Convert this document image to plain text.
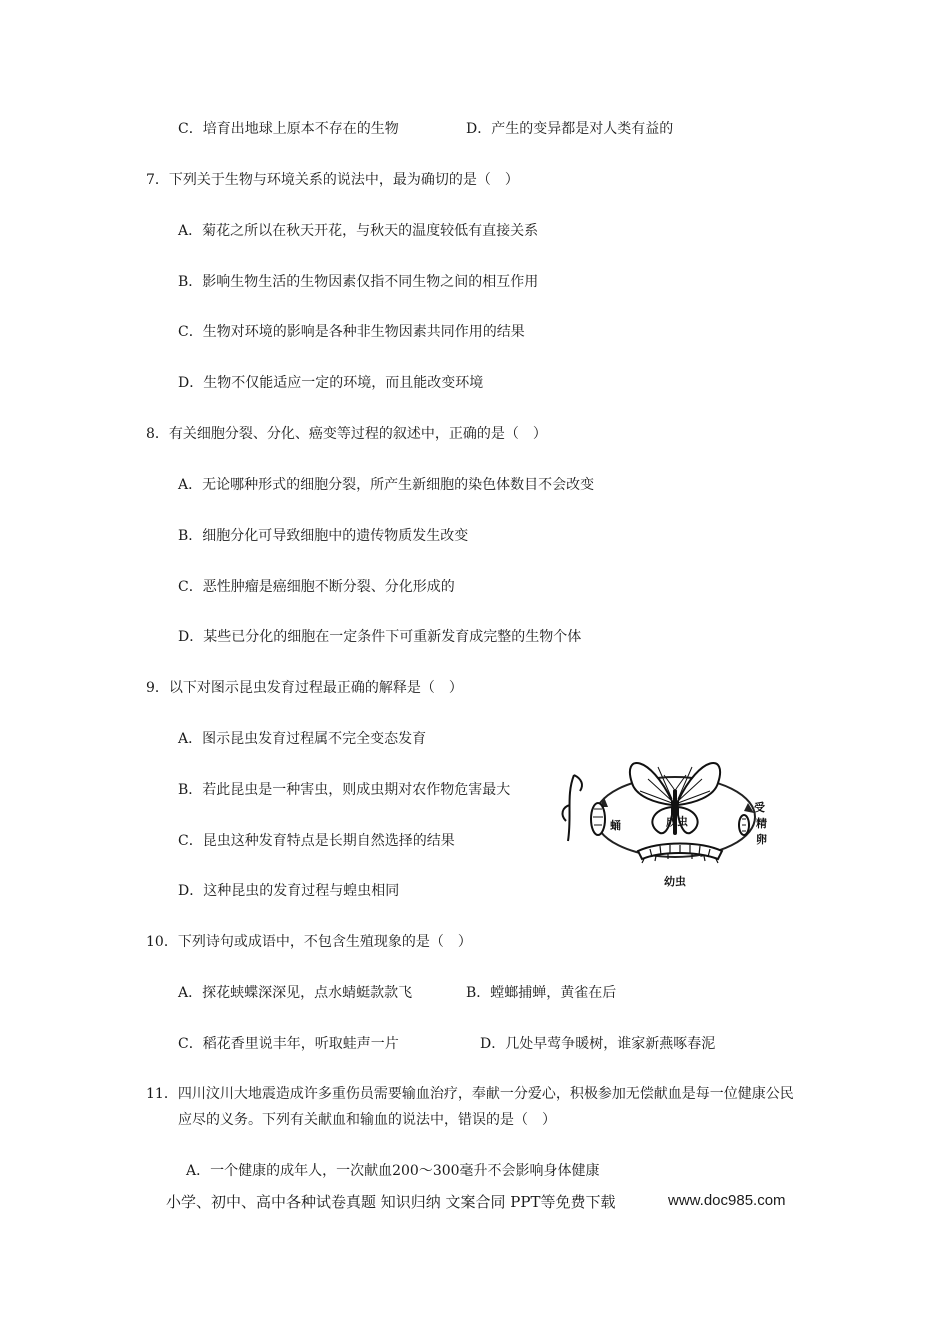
C．培育出地球上原本不存在的生物	D．产生的变异都是对人类有益的
7．下列关于生物与环境关系的说法中，最为确切的是（　）
A．菊花之所以在秋天开花，与秋天的温度较低有直接关系
B．影响生物生活的生物因素仅指不同生物之间的相互作用
C．生物对环境的影响是各种非生物因素共同作用的结果
D．生物不仅能适应一定的环境，而且能改变环境
8．有关细胞分裂、分化、癌变等过程的叙述中，正确的是（　）
A．无论哪种形式的细胞分裂，所产生新细胞的染色体数目不会改变
B．细胞分化可导致细胞中的遗传物质发生改变
C．恶性肿瘤是癌细胞不断分裂、分化形成的
D．某些已分化的细胞在一定条件下可重新发育成完整的生物个体
9．以下对图示昆虫发育过程最正确的解释是（　）
A．图示昆虫发育过程属不完全变态发育
B．若此昆虫是一种害虫，则成虫期对农作物危害最大
C．昆虫这种发育特点是长期自然选择的结果
D．这种昆虫的发育过程与蝗虫相同
成虫
蛹
受
精
卵
幼虫
10．下列诗句或成语中，不包含生殖现象的是（　）
A．探花蛱蝶深深见，点水蜻蜓款款飞	B．螳螂捕蝉，黄雀在后
C．稻花香里说丰年，听取蛙声一片	D．几处早莺争暖树，谁家新燕啄春泥
11．四川汶川大地震造成许多重伤员需要输血治疗，奉献一分爱心，积极参加无偿献血是每一位健康公民
应尽的义务。下列有关献血和输血的说法中，错误的是（　）
A．一个健康的成年人，一次献血200～300毫升不会影响身体健康
小学、初中、高中各种试卷真题 知识归纳 文案合同 PPT等免费下载	www.doc985.com
